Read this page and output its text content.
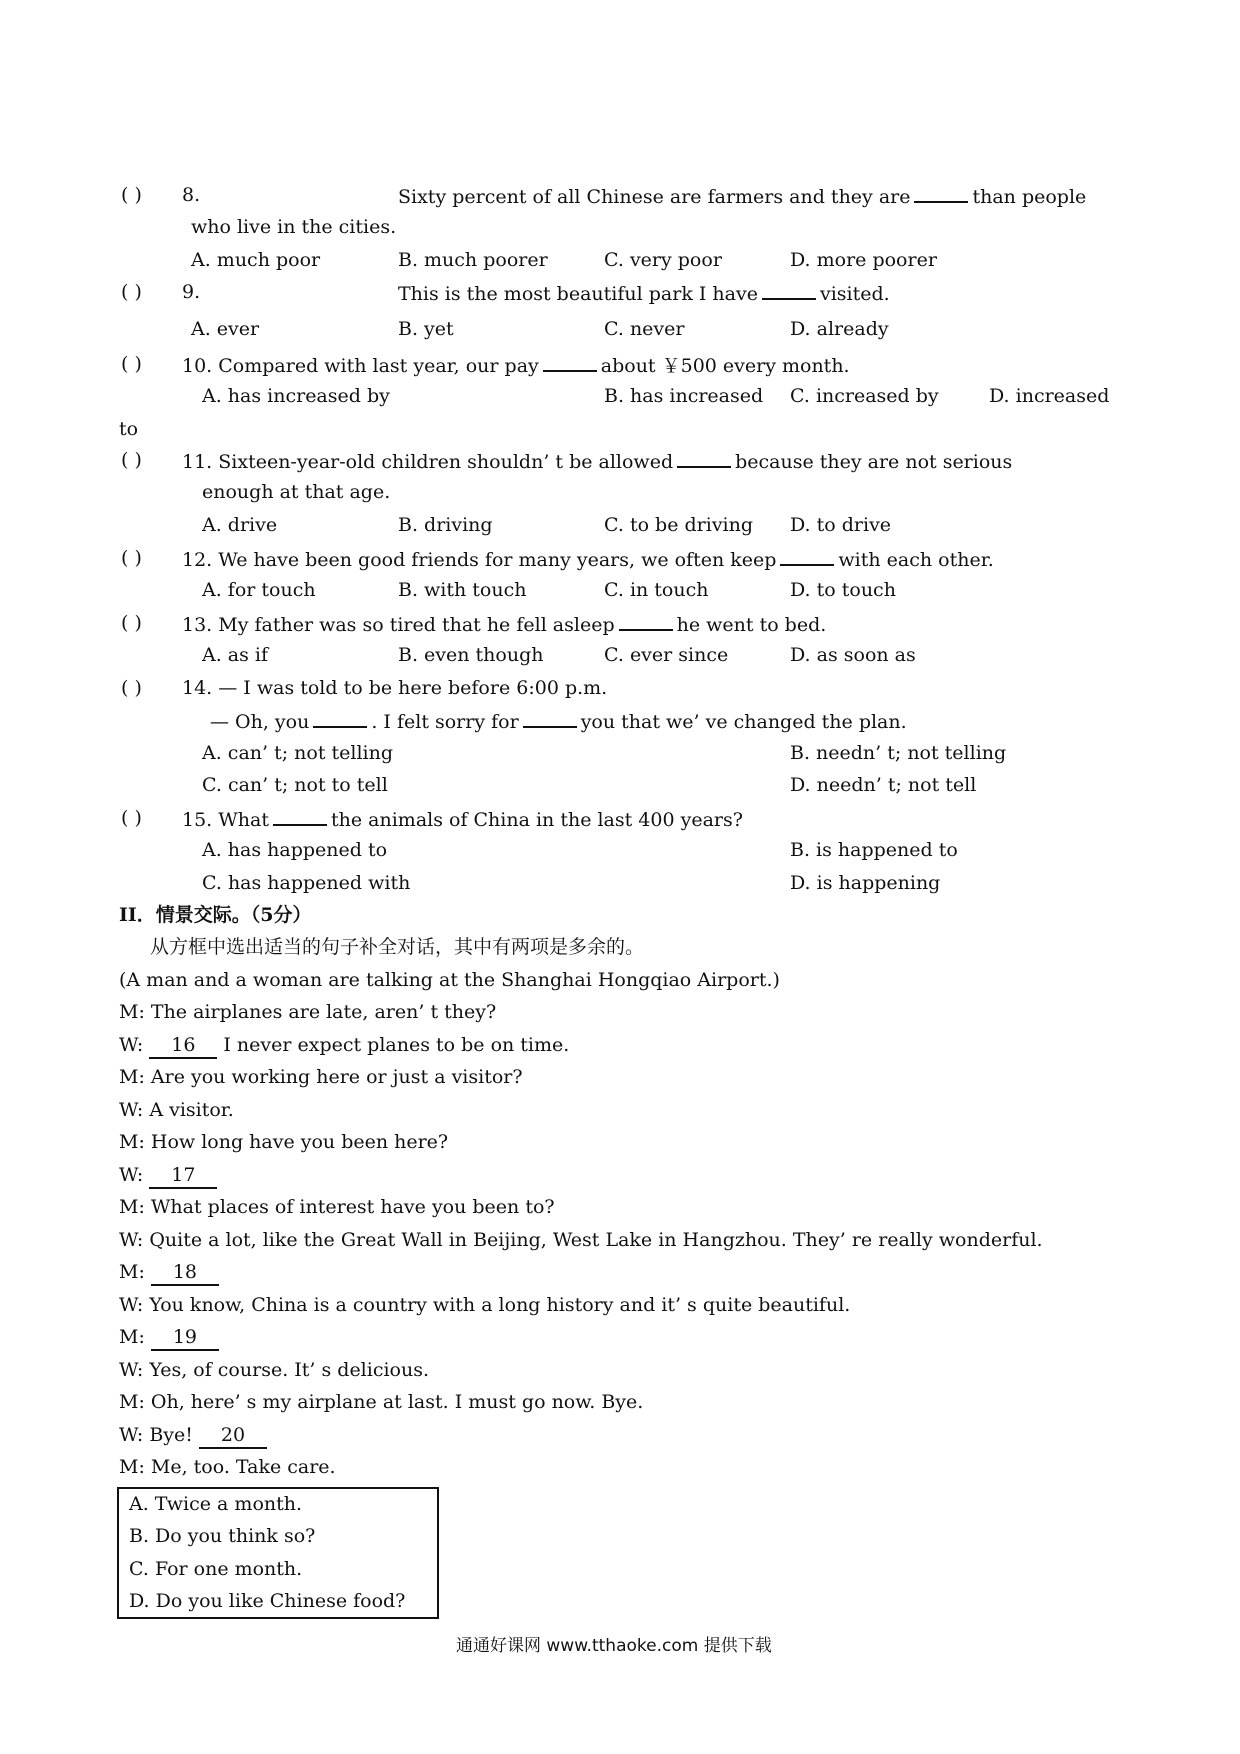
( ) 8.	Sixty percent of all Chinese are farmers and they are	than people
who live in the cities.
A. much poor	B. much poorer	C. very poor	D. more poorer
( ) 9.	This is the most beautiful park I have	visited.
A. ever	B. yet	C. never	D. already
( ) 10. Compared with last year, our pay	about ￥500 every month.
A. has increased by	B. has increased C. increased by	D. increased
to
( ) 11. Sixteen-year-old children shouldn’ t be allowed	because they are not serious
enough at that age.
A. drive	B. driving	C. to be driving D. to drive
( ) 12. We have been good friends for many years, we often keep	with each other.
A. for touch	B. with touch	C. in touch	D. to touch
( ) 13. My father was so tired that he fell asleep	he went to bed.
A. as if	B. even though	C. ever since	D. as soon as
( ) 14. — I was told to be here before 6:00 p.m.
— Oh, you	. I felt sorry for	you that we’ ve changed the plan.
A. can’ t; not telling	B. needn’ t; not telling
C. can’ t; not to tell	D. needn’ t; not tell
( ) 15. What	the animals of China in the last 400 years?
A. has happened to	B. is happened to
C. has happened with	D. is happening
II．情景交际。（5分）
从方框中选出适当的句子补全对话，其中有两项是多余的。
(A man and a woman are talking at the Shanghai Hongqiao Airport.)
M: The airplanes are late, aren’ t they?
W: 16 I never expect planes to be on time.
M: Are you working here or just a visitor?
W: A visitor.
M: How long have you been here?
W: 17
M: What places of interest have you been to?
W: Quite a lot, like the Great Wall in Beijing, West Lake in Hangzhou. They’ re really wonderful.
M: 18
W: You know, China is a country with a long history and it’ s quite beautiful.
M: 19
W: Yes, of course. It’ s delicious.
M: Oh, here’ s my airplane at last. I must go now. Bye.
W: Bye! 20
M: Me, too. Take care.
A. Twice a month.
B. Do you think so?
C. For one month.
D. Do you like Chinese food?
通通好课网 www.tthaoke.com 提供下载
